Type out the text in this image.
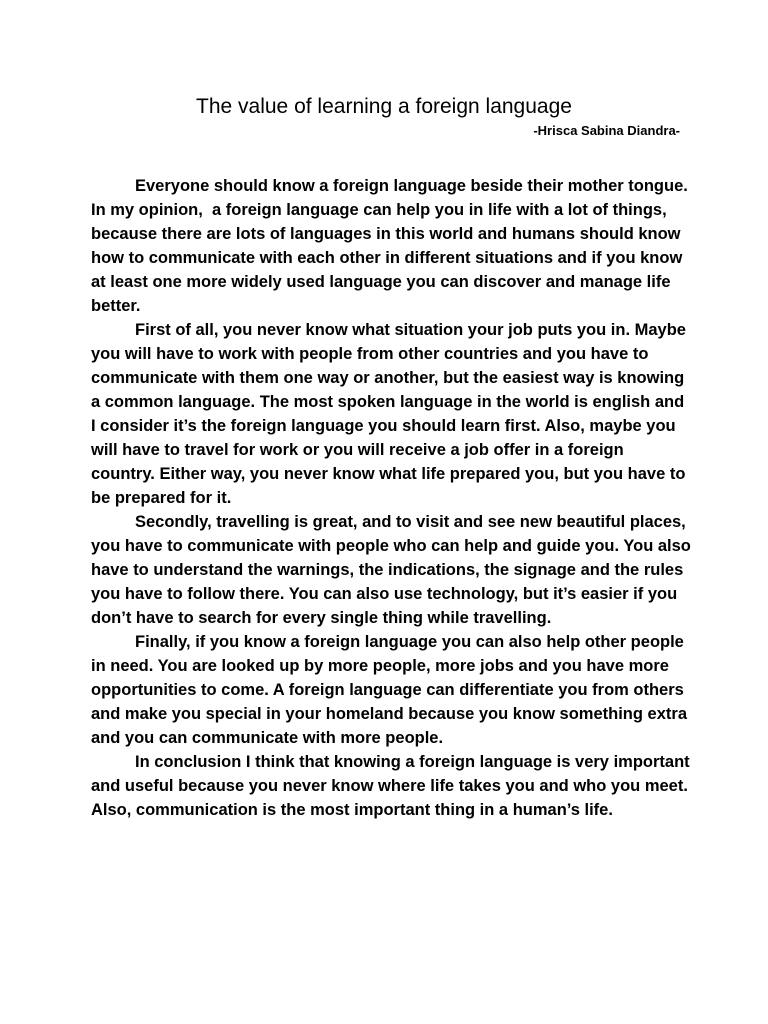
The value of learning a foreign language
-Hrisca Sabina Diandra-

Everyone should know a foreign language beside their mother tongue. In my opinion,  a foreign language can help you in life with a lot of things, because there are lots of languages in this world and humans should know how to communicate with each other in different situations and if you know at least one more widely used language you can discover and manage life better.

First of all, you never know what situation your job puts you in. Maybe you will have to work with people from other countries and you have to communicate with them one way or another, but the easiest way is knowing a common language. The most spoken language in the world is english and I consider it’s the foreign language you should learn first. Also, maybe you will have to travel for work or you will receive a job offer in a foreign country. Either way, you never know what life prepared you, but you have to be prepared for it.

Secondly, travelling is great, and to visit and see new beautiful places, you have to communicate with people who can help and guide you. You also have to understand the warnings, the indications, the signage and the rules you have to follow there. You can also use technology, but it’s easier if you don’t have to search for every single thing while travelling.

Finally, if you know a foreign language you can also help other people in need. You are looked up by more people, more jobs and you have more opportunities to come. A foreign language can differentiate you from others and make you special in your homeland because you know something extra and you can communicate with more people.

In conclusion I think that knowing a foreign language is very important and useful because you never know where life takes you and who you meet. Also, communication is the most important thing in a human’s life.
